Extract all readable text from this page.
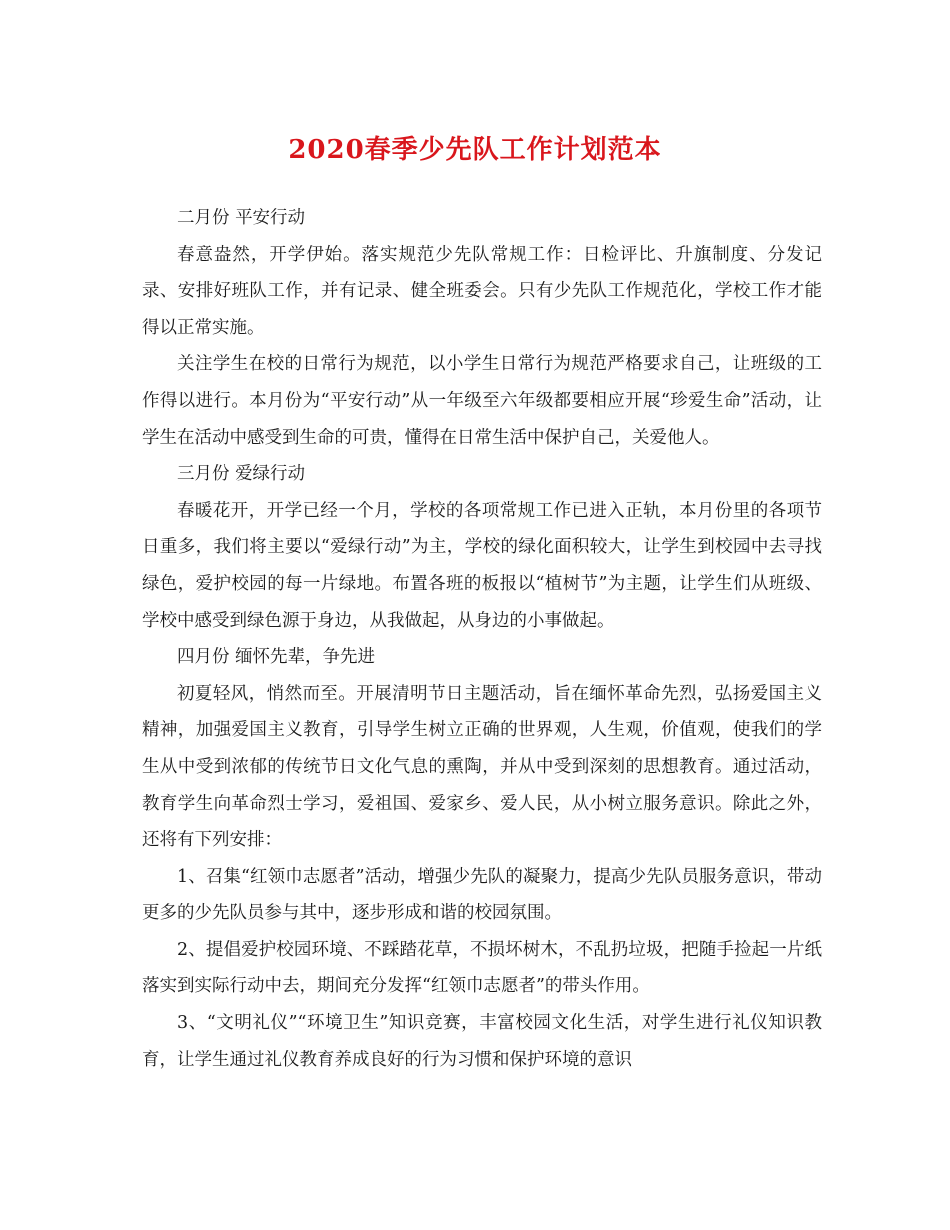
2020春季少先队工作计划范本

二月份 平安行动

春意盎然，开学伊始。落实规范少先队常规工作：日检评比、升旗制度、分发记录、安排好班队工作，并有记录、健全班委会。只有少先队工作规范化，学校工作才能得以正常实施。

关注学生在校的日常行为规范，以小学生日常行为规范严格要求自己，让班级的工作得以进行。本月份为“平安行动”从一年级至六年级都要相应开展“珍爱生命”活动，让学生在活动中感受到生命的可贵，懂得在日常生活中保护自己，关爱他人。

三月份 爱绿行动

春暖花开，开学已经一个月，学校的各项常规工作已进入正轨，本月份里的各项节日重多，我们将主要以“爱绿行动”为主，学校的绿化面积较大，让学生到校园中去寻找绿色，爱护校园的每一片绿地。布置各班的板报以“植树节”为主题，让学生们从班级、学校中感受到绿色源于身边，从我做起，从身边的小事做起。

四月份 缅怀先辈，争先进

初夏轻风，悄然而至。开展清明节日主题活动，旨在缅怀革命先烈，弘扬爱国主义精神，加强爱国主义教育，引导学生树立正确的世界观，人生观，价值观，使我们的学生从中受到浓郁的传统节日文化气息的熏陶，并从中受到深刻的思想教育。通过活动，教育学生向革命烈士学习，爱祖国、爱家乡、爱人民，从小树立服务意识。除此之外，还将有下列安排：

1、召集“红领巾志愿者”活动，增强少先队的凝聚力，提高少先队员服务意识，带动更多的少先队员参与其中，逐步形成和谐的校园氛围。

2、提倡爱护校园环境、不踩踏花草，不损坏树木，不乱扔垃圾，把随手捡起一片纸落实到实际行动中去，期间充分发挥“红领巾志愿者”的带头作用。

3、“文明礼仪”“环境卫生”知识竞赛，丰富校园文化生活，对学生进行礼仪知识教育，让学生通过礼仪教育养成良好的行为习惯和保护环境的意识
